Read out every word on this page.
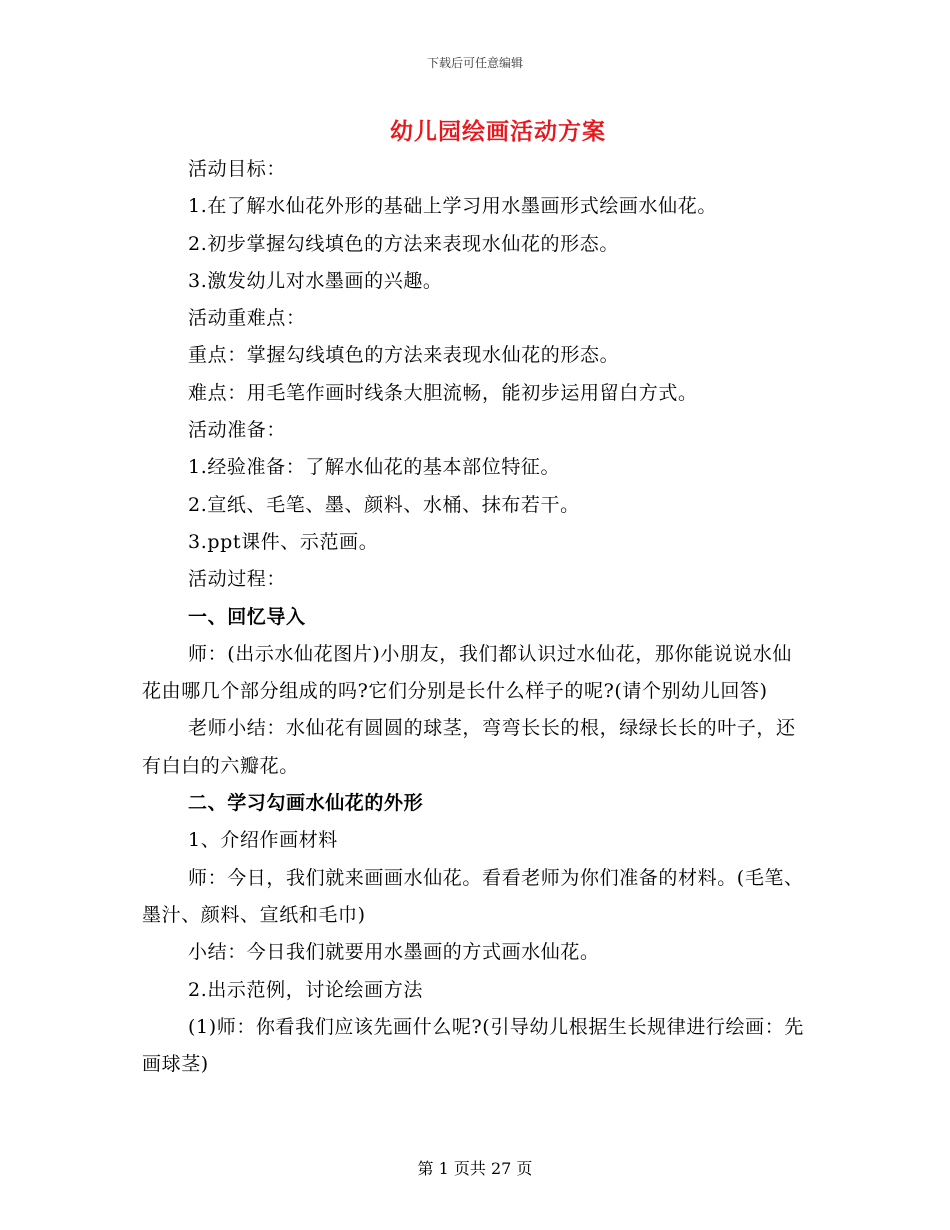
下载后可任意编辑
幼儿园绘画活动方案

活动目标：

1.在了解水仙花外形的基础上学习用水墨画形式绘画水仙花。

2.初步掌握勾线填色的方法来表现水仙花的形态。

3.激发幼儿对水墨画的兴趣。

活动重难点：

重点：掌握勾线填色的方法来表现水仙花的形态。

难点：用毛笔作画时线条大胆流畅，能初步运用留白方式。

活动准备：

1.经验准备：了解水仙花的基本部位特征。

2.宣纸、毛笔、墨、颜料、水桶、抹布若干。

3.ppt课件、示范画。

活动过程：

一、回忆导入

师：(出示水仙花图片)小朋友，我们都认识过水仙花，那你能说说水仙花由哪几个部分组成的吗?它们分别是长什么样子的呢?(请个别幼儿回答)

老师小结：水仙花有圆圆的球茎，弯弯长长的根，绿绿长长的叶子，还有白白的六瓣花。

二、学习勾画水仙花的外形

1、介绍作画材料

师：今日，我们就来画画水仙花。看看老师为你们准备的材料。(毛笔、墨汁、颜料、宣纸和毛巾)

小结：今日我们就要用水墨画的方式画水仙花。

2.出示范例，讨论绘画方法

(1)师：你看我们应该先画什么呢?(引导幼儿根据生长规律进行绘画：先画球茎)

第 1 页共 27 页
